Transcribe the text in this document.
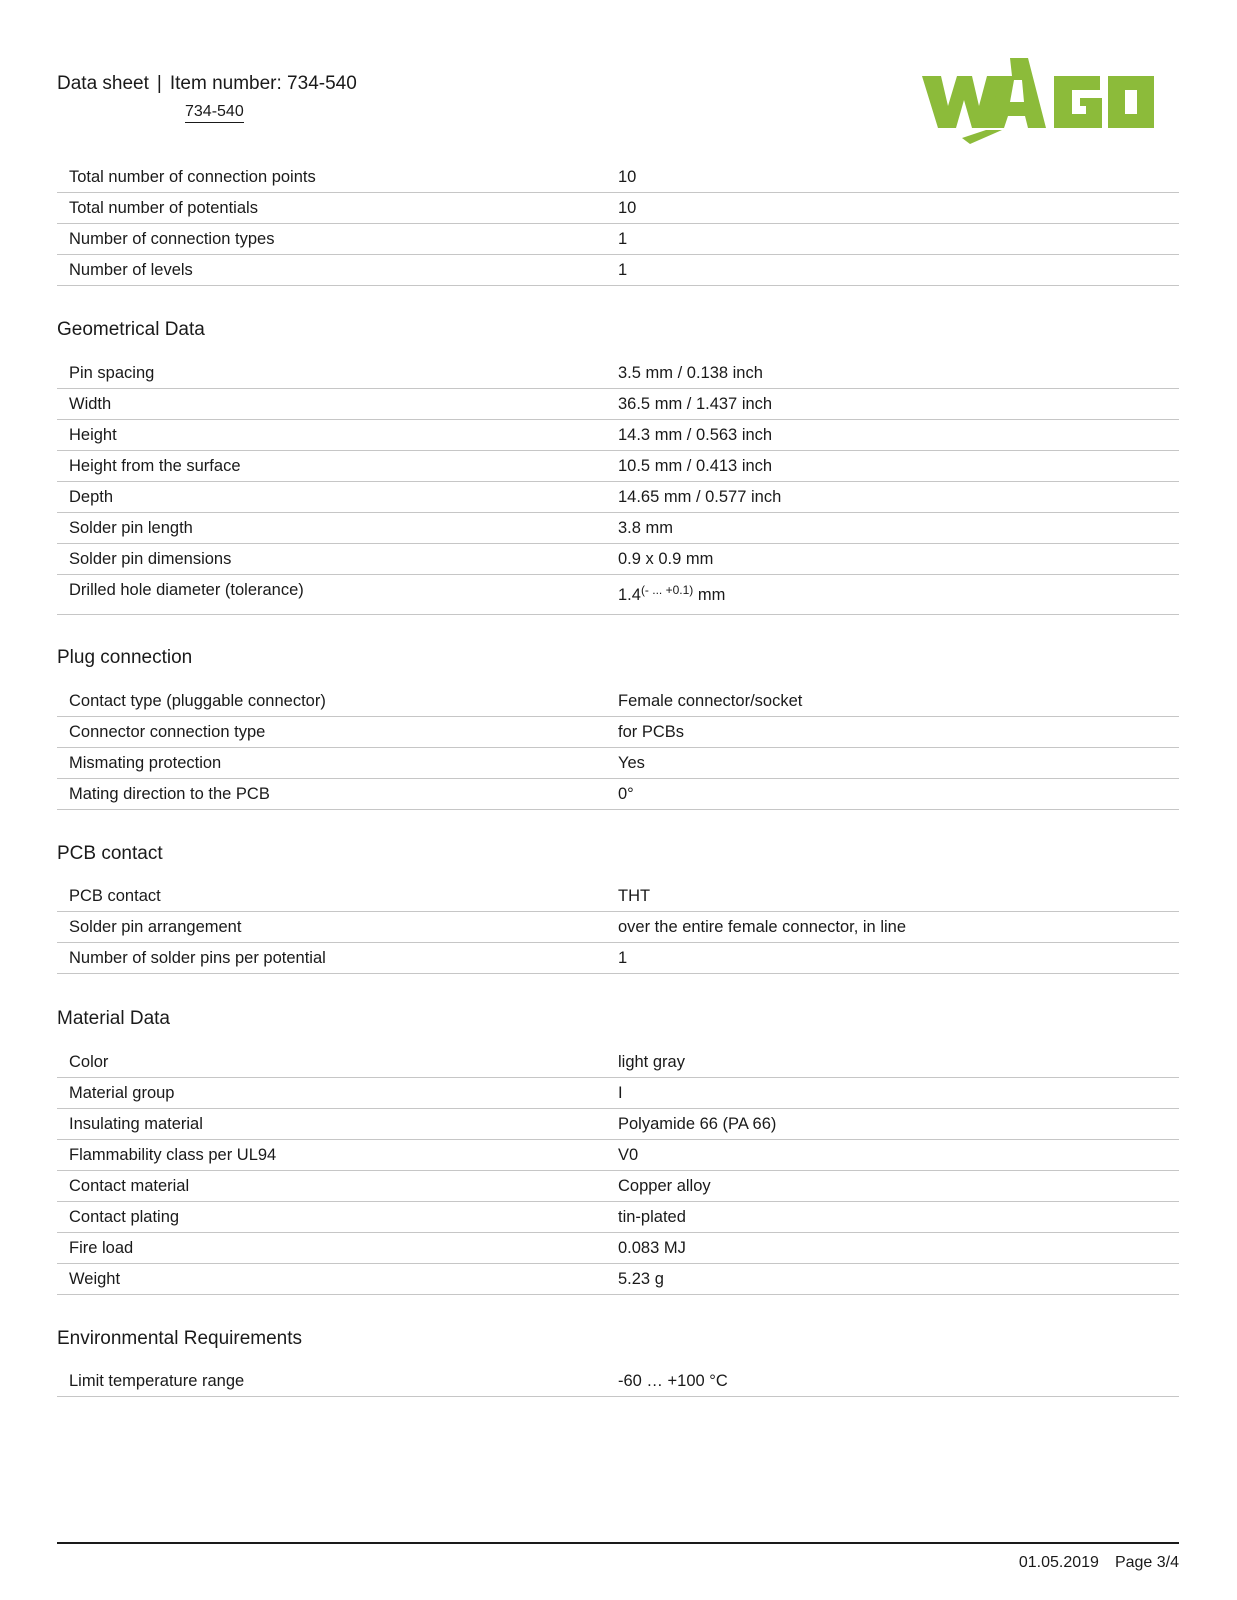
Data sheet | Item number: 734-540
734-540
Total number of connection points	10
Total number of potentials	10
Number of connection types	1
Number of levels	1
Geometrical Data
Pin spacing	3.5 mm / 0.138 inch
Width	36.5 mm / 1.437 inch
Height	14.3 mm / 0.563 inch
Height from the surface	10.5 mm / 0.413 inch
Depth	14.65 mm / 0.577 inch
Solder pin length	3.8 mm
Solder pin dimensions	0.9 x 0.9 mm
Drilled hole diameter (tolerance)	$1.4^{(- ... +0.1)}$ mm
Plug connection
Contact type (pluggable connector)	Female connector/socket
Connector connection type	for PCBs
Mismating protection	Yes
Mating direction to the PCB	0°
PCB contact
PCB contact	THT
Solder pin arrangement	over the entire female connector, in line
Number of solder pins per potential	1
Material Data
Color	light gray
Material group	I
Insulating material	Polyamide 66 (PA 66)
Flammability class per UL94	V0
Contact material	Copper alloy
Contact plating	tin-plated
Fire load	0.083 MJ
Weight	5.23 g
Environmental Requirements
Limit temperature range	-60 … +100 °C
01.05.2019 Page 3/4
